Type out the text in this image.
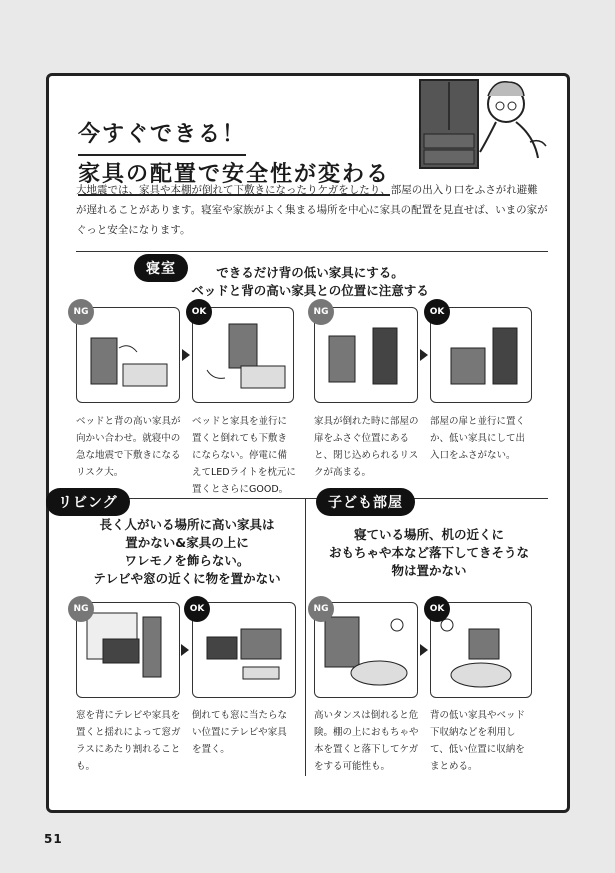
今すぐできる！
家具の配置で安全性が変わる
大地震では、家具や本棚が倒れて下敷きになったりケガをしたり、部屋の出入り口をふさがれ避難が遅れることがあります。寝室や家族がよく集まる場所を中心に家具の配置を見直せば、いまの家がぐっと安全になります。
寝室	できるだけ背の低い家具にする。
ベッドと背の高い家具との位置に注意する
NG	OK	NG	OK
ベッドと背の高い家具が向かい合わせ。就寝中の急な地震で下敷きになるリスク大。
ベッドと家具を並行に置くと倒れても下敷きにならない。停電に備えてLEDライトを枕元に置くとさらにGOOD。
家具が倒れた時に部屋の扉をふさぐ位置にあると、閉じ込められるリスクが高まる。
部屋の扉と並行に置くか、低い家具にして出入口をふさがない。
リビング
長く人がいる場所に高い家具は
置かない&家具の上に
ワレモノを飾らない。
テレビや窓の近くに物を置かない
NG	OK
窓を背にテレビや家具を置くと揺れによって窓ガラスにあたり割れることも。
倒れても窓に当たらない位置にテレビや家具を置く。
子ども部屋
寝ている場所、机の近くに
おもちゃや本など落下してきそうな
物は置かない
NG	OK
高いタンスは倒れると危険。棚の上におもちゃや本を置くと落下してケガをする可能性も。
背の低い家具やベッド下収納などを利用して、低い位置に収納をまとめる。
51
